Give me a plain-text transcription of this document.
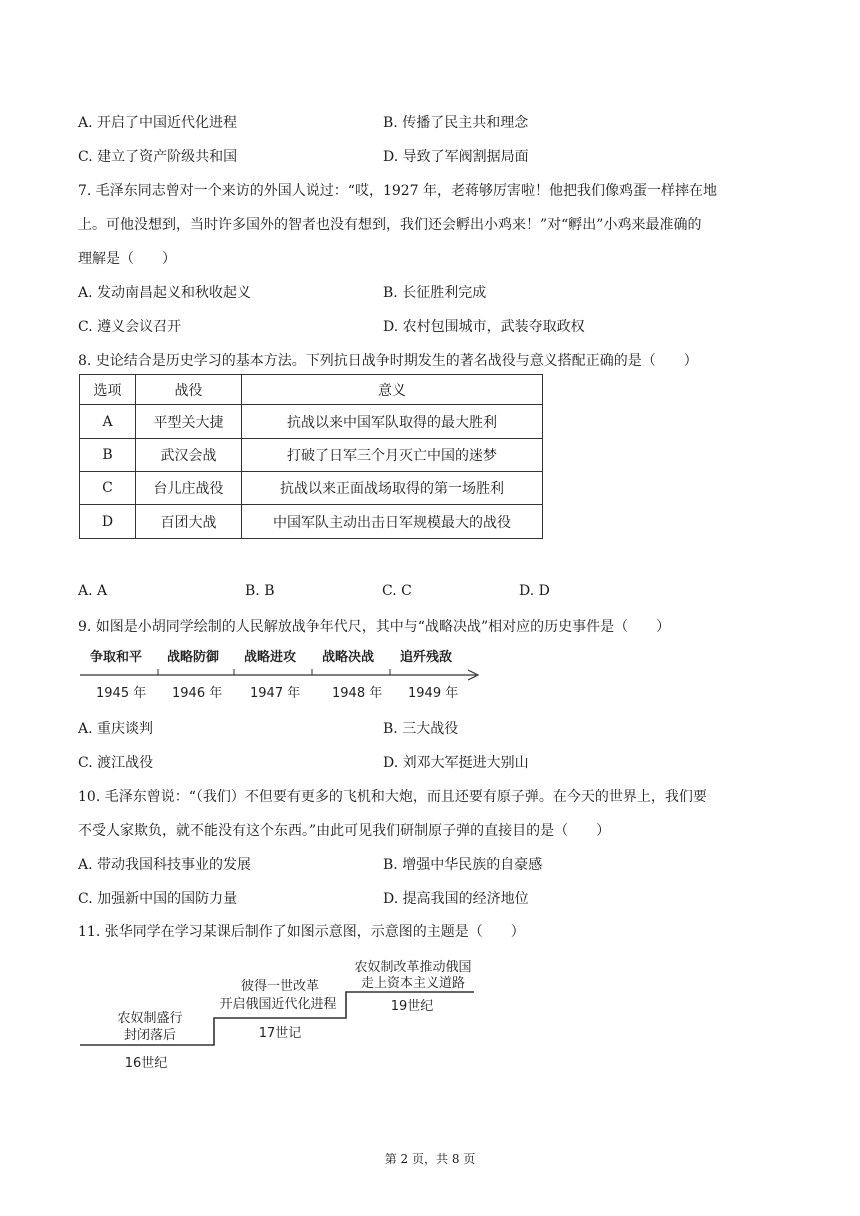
A. 开启了中国近代化进程	B. 传播了民主共和理念
C. 建立了资产阶级共和国	D. 导致了军阀割据局面
7. 毛泽东同志曾对一个来访的外国人说过：“哎，1927 年，老蒋够厉害啦！他把我们像鸡蛋一样摔在地
上。可他没想到，当时许多国外的智者也没有想到，我们还会孵出小鸡来！”对“孵出”小鸡来最准确的
理解是（　　）
A. 发动南昌起义和秋收起义	B. 长征胜利完成
C. 遵义会议召开	D. 农村包围城市，武装夺取政权
8. 史论结合是历史学习的基本方法。下列抗日战争时期发生的著名战役与意义搭配正确的是（　　）
选项	战役	意义
A	平型关大捷	抗战以来中国军队取得的最大胜利
B	武汉会战	打破了日军三个月灭亡中国的迷梦
C	台儿庄战役	抗战以来正面战场取得的第一场胜利
D	百团大战	中国军队主动出击日军规模最大的战役
A. A	B. B	C. C	D. D
9. 如图是小胡同学绘制的人民解放战争年代尺，其中与“战略决战”相对应的历史事件是（　　）
争取和平 战略防御 战略进攻 战略决战 追歼残敌
1945 年 1946 年 1947 年 1948 年 1949 年
A. 重庆谈判	B. 三大战役
C. 渡江战役	D. 刘邓大军挺进大别山
10. 毛泽东曾说：“（我们）不但要有更多的飞机和大炮，而且还要有原子弹。在今天的世界上，我们要
不受人家欺负，就不能没有这个东西。”由此可见我们研制原子弹的直接目的是（　　）
A. 带动我国科技事业的发展	B. 增强中华民族的自豪感
C. 加强新中国的国防力量	D. 提高我国的经济地位
11. 张华同学在学习某课后制作了如图示意图，示意图的主题是（　　）
农奴制盛行
封闭落后
16世纪
彼得一世改革
开启俄国近代化进程
17世记
农奴制改革推动俄国
走上资本主义道路
19世纪
第 2 页，共 8 页
